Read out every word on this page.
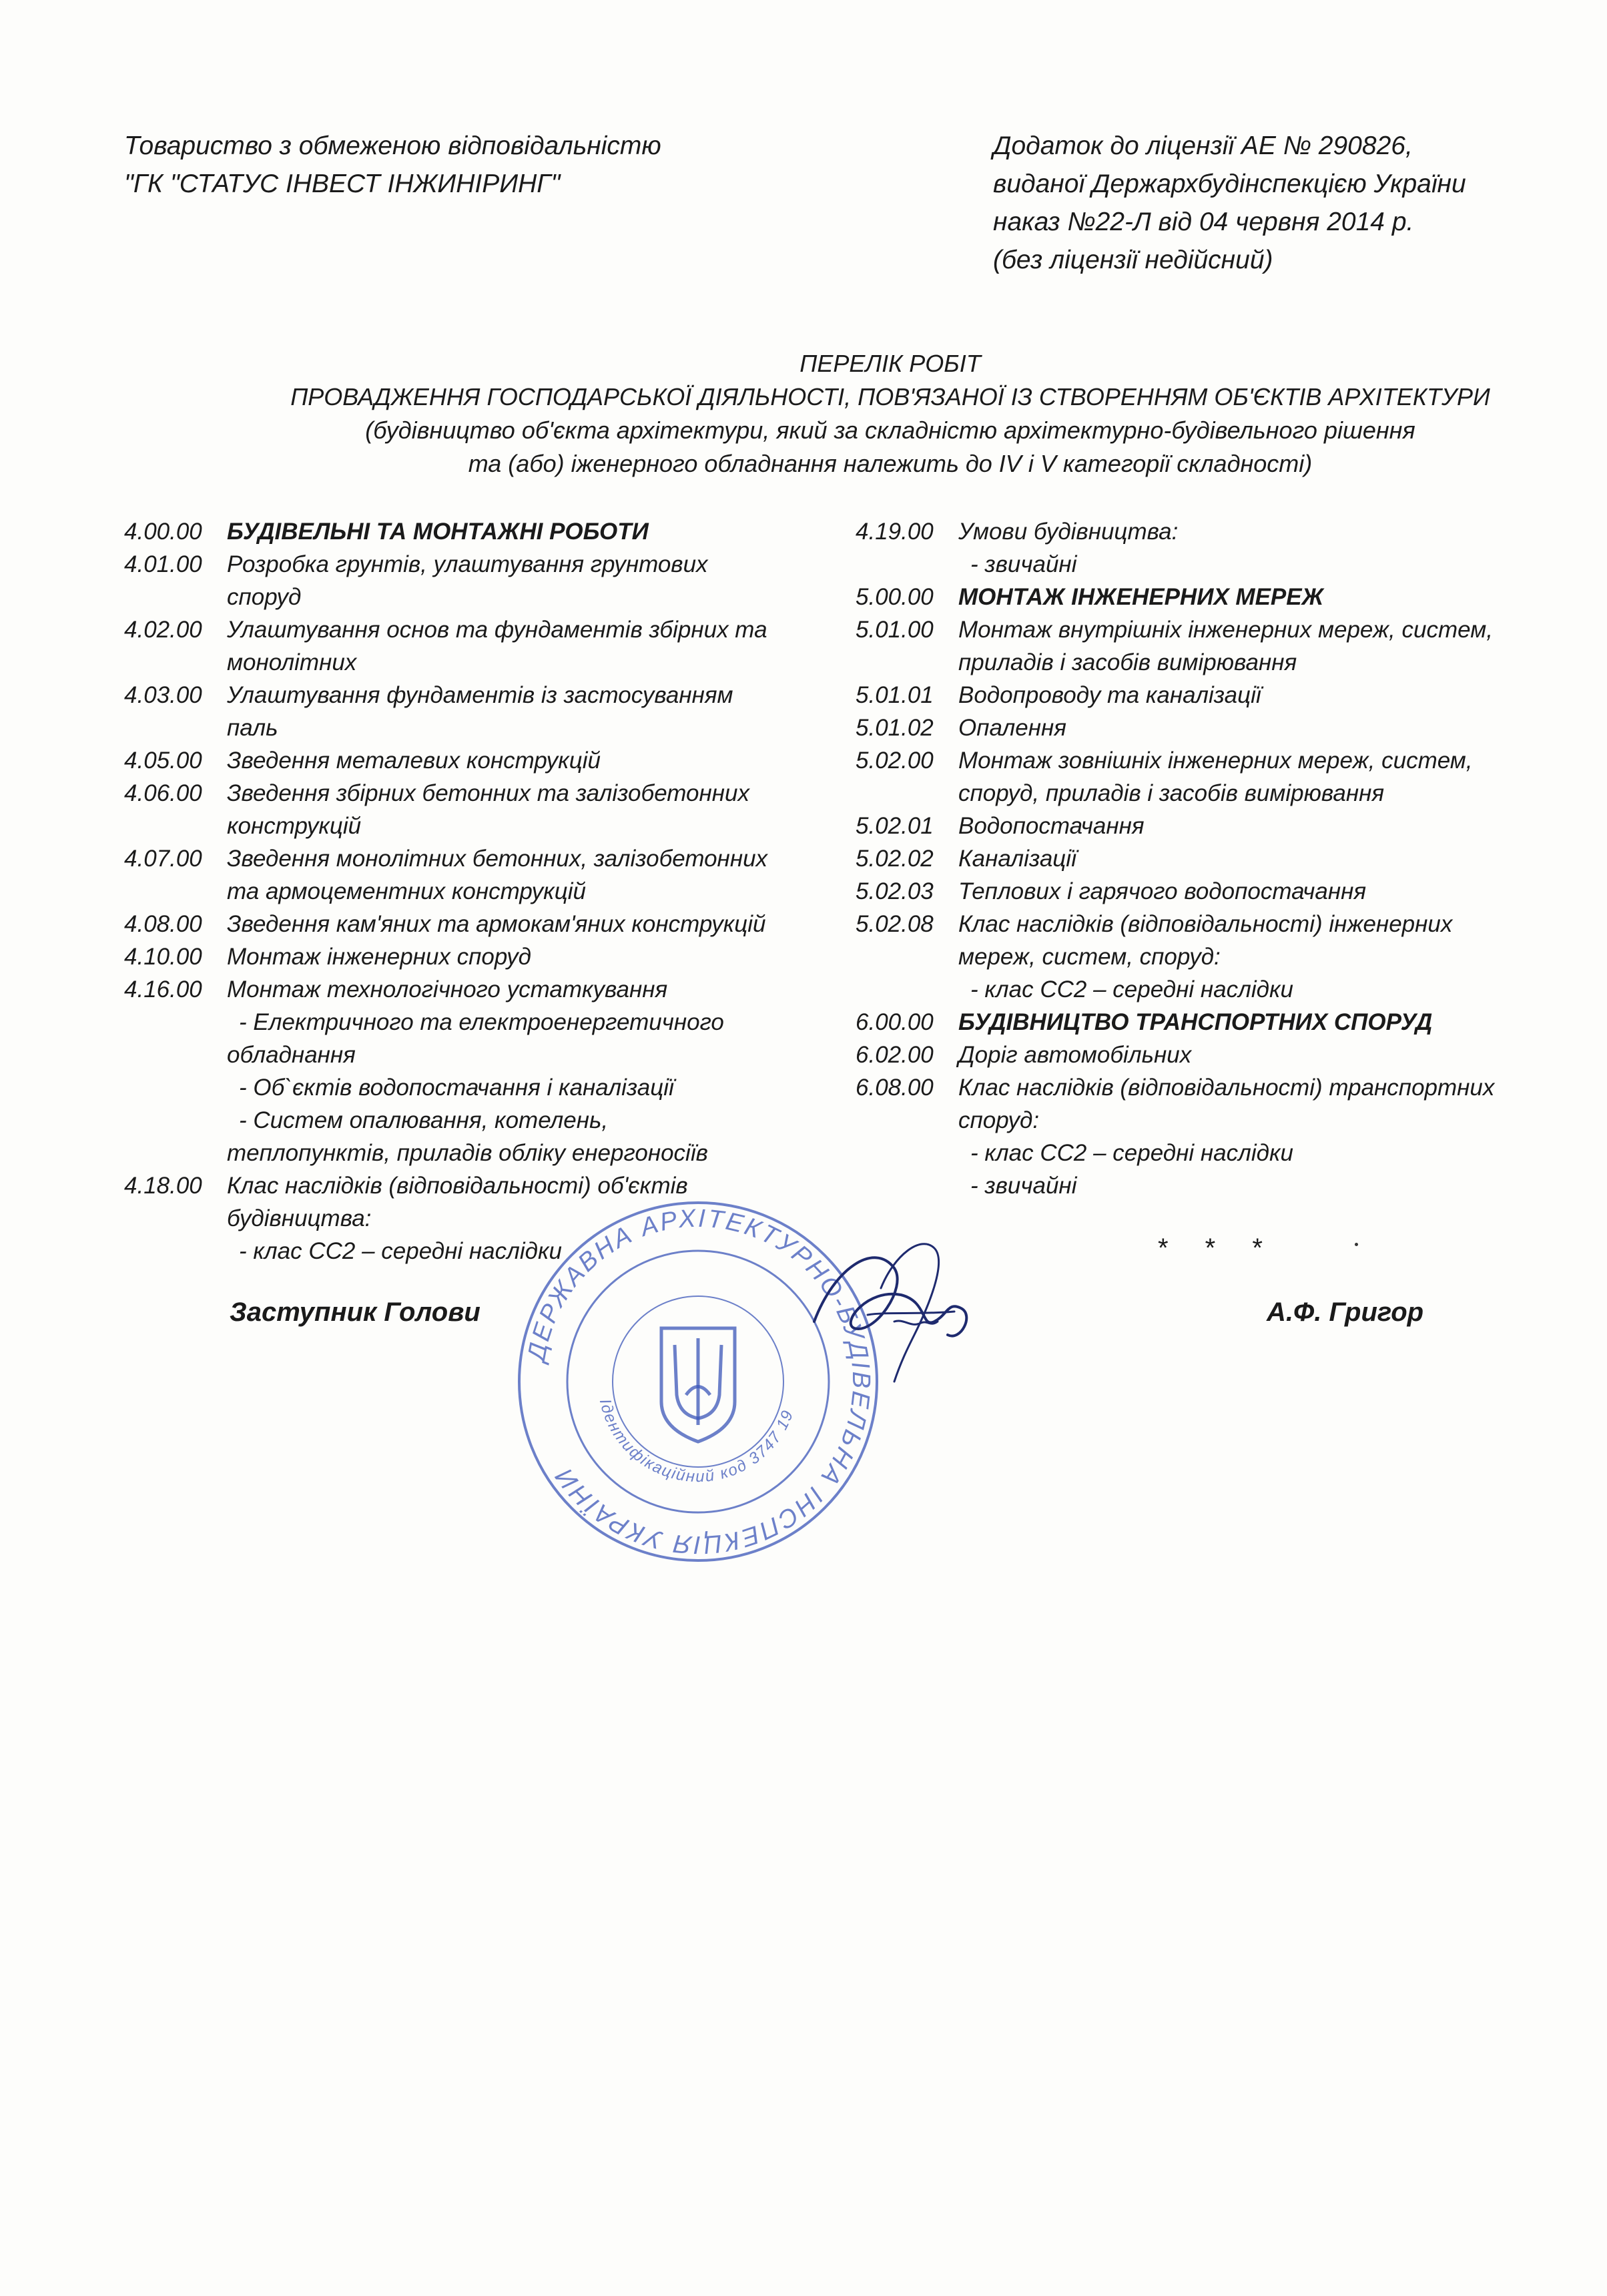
Товариство з обмеженою відповідальністю
"ГК "СТАТУС ІНВЕСТ ІНЖИНІРИНГ"
Додаток до ліцензії АЕ № 290826,
виданої Держархбудінспекцією України
наказ №22-Л від 04 червня 2014 р.
(без ліцензії недійсний)
ПЕРЕЛІК РОБІТ
ПРОВАДЖЕННЯ ГОСПОДАРСЬКОЇ ДІЯЛЬНОСТІ, ПОВ'ЯЗАНОЇ ІЗ СТВОРЕННЯМ ОБ'ЄКТІВ АРХІТЕКТУРИ
(будівництво об'єкта архітектури, який за складністю архітектурно-будівельного рішення
та (або) іженерного обладнання належить до IV і V категорії складності)
4.00.00	БУДІВЕЛЬНІ ТА МОНТАЖНІ РОБОТИ
4.01.00	Розробка грунтів, улаштування грунтових
споруд
4.02.00	Улаштування основ та фундаментів збірних та
монолітних
4.03.00	Улаштування фундаментів із застосуванням
паль
4.05.00	Зведення металевих конструкцій
4.06.00	Зведення збірних бетонних та залізобетонних
конструкцій
4.07.00	Зведення монолітних бетонних, залізобетонних
та армоцементних конструкцій
4.08.00	Зведення кам'яних та армокам'яних конструкцій
4.10.00	Монтаж інженерних споруд
4.16.00	Монтаж технологічного устаткування
- Електричного та електроенергетичного
обладнання
- Об`єктів водопостачання і каналізації
- Систем опалювання, котелень,
теплопунктів, приладів обліку енергоносіїв
4.18.00	Клас наслідків (відповідальності) об'єктів
будівництва:
- клас СС2 – середні наслідки
4.19.00	Умови будівництва:
- звичайні
5.00.00	МОНТАЖ ІНЖЕНЕРНИХ МЕРЕЖ
5.01.00	Монтаж внутрішніх інженерних мереж, систем,
приладів і засобів вимірювання
5.01.01	Водопроводу та каналізації
5.01.02	Опалення
5.02.00	Монтаж зовнішніх інженерних мереж, систем,
споруд, приладів і засобів вимірювання
5.02.01	Водопостачання
5.02.02	Каналізації
5.02.03	Теплових і гарячого водопостачання
5.02.08	Клас наслідків (відповідальності) інженерних
мереж, систем, споруд:
- клас СС2 – середні наслідки
6.00.00	БУДІВНИЦТВО ТРАНСПОРТНИХ СПОРУД
6.02.00	Доріг автомобільних
6.08.00	Клас наслідків (відповідальності) транспортних
споруд:
- клас СС2 – середні наслідки
- звичайні
* * *
ДЕРЖАВНА АРХІТЕКТУРНО-БУДІВЕЛЬНА ІНСПЕКЦІЯ УКРАЇНИ
Ідентифікаційний код 3747 19
Заступник Голови	А.Ф. Григор
